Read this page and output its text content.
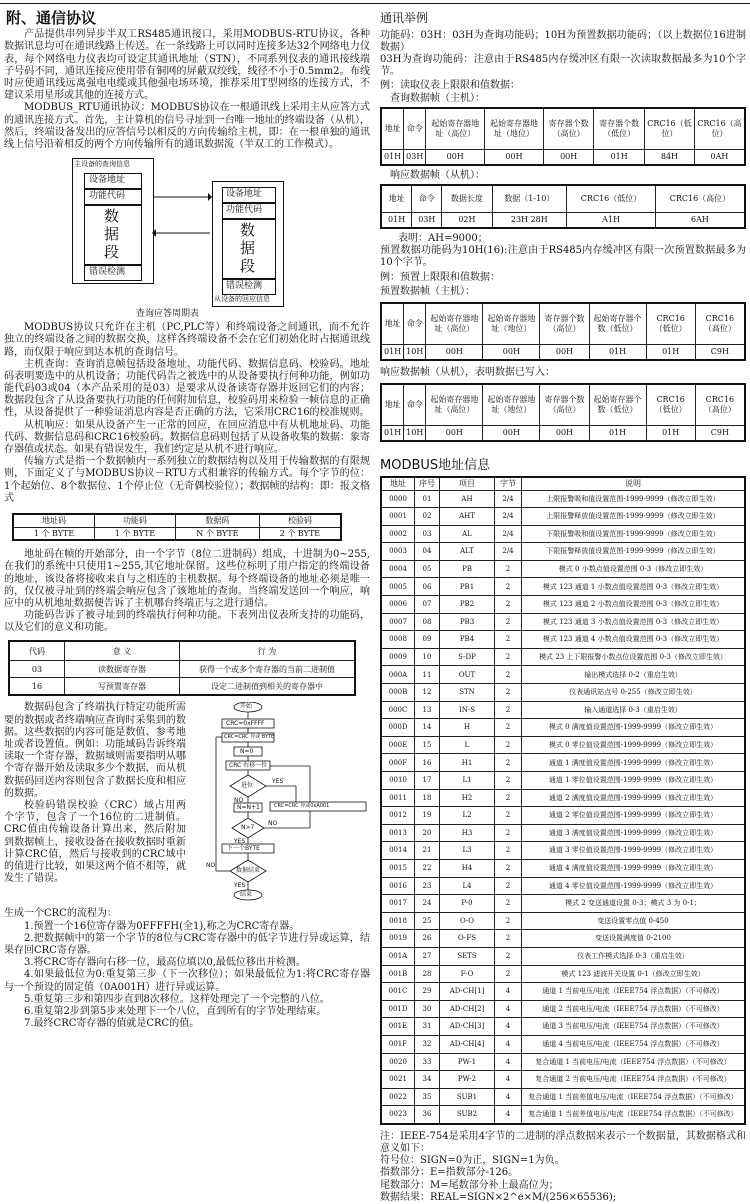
附、通信协议

产品提供串列异步半双工RS485通讯接口，采用MODBUS-RTU协议，各种数据讯息均可在通讯线路上传送。在一条线路上可以同时连接多达32个网络电力仪表，每个网络电力仪表均可设定其通讯地址（STN），不同系列仪表的通讯接线端子号码不同，通讯连接应使用带有铜网的屏蔽双绞线，线径不小于0.5mm2。布线时应使通讯线远离强电电缆或其他强电场环境，推荐采用T型网络的连接方式，不建议采用星形或其他的连接方式。

MODBUS_RTU通讯协议：MODBUS协议在一根通讯线上采用主从应答方式的通讯连接方式。首先，主计算机的信号寻址到一台唯一地址的终端设备（从机），然后，终端设备发出的应答信号以相反的方向传输给主机，即：在一根单独的通讯线上信号沿着相反的两个方向传输所有的通讯数据流（半双工的工作模式）。

主设备的查询信息
设备地址
功能代码
数
据
段
错误检测
设备地址
功能代码
数
据
段
错误检测
从设备的回应信息
查询应答周期表

MODBUS协议只允许在主机（PC,PLC等）和终端设备之间通讯，而不允许独立的终端设备之间的数据交换，这样各终端设备不会在它们初始化时占据通讯线路，而仅限于响应到达本机的查询信号。

主机查询：查询消息帧包括设备地址、功能代码、数据信息码、校验码。地址码表明要选中的从机设备；功能代码告之被选中的从设备要执行何种功能，例如功能代码03或04（本产品采用的是03）是要求从设备读寄存器并返回它们的内容；数据段包含了从设备要执行功能的任何附加信息，校验码用来检验一帧信息的正确性，从设备提供了一种验证消息内容是否正确的方法，它采用CRC16的校准规则。

从机响应：如果从设备产生一正常的回应，在回应消息中有从机地址码、功能代码、数据信息码和CRC16校验码。数据信息码则包括了从设备收集的数据：象寄存器值或状态。如果有错误发生，我们约定是从机不进行响应。

传输方式是指一个数据帧内一系列独立的数据结构以及用于传输数据的有限规则，下面定义了与MODBUS协议－RTU方式相兼容的传输方式。每个字节的位：1个起始位、8个数据位、1个停止位（无奇偶校验位）；数据帧的结构：即：报文格式

地址码	功能码	数据码	校验码
1 个 BYTE	1 个 BYTE	N 个 BYTE	2 个 BYTE

地址码在帧的开始部分，由一个字节（8位二进制码）组成，十进制为0~255,在我们的系统中只使用1~255,其它地址保留。这些位标明了用户指定的终端设备的地址，该设备将接收来自与之相连的主机数据。每个终端设备的地址必须是唯一的，仅仅被寻址到的终端会响应包含了该地址的查询。当终端发送回一个响应，响应中的从机地址数据便告诉了主机哪台终端正与之进行通信。

功能码告诉了被寻址到的终端执行何种功能。下表列出仪表所支持的功能码，以及它们的意义和功能。

代码	意 义	行 为
03	读数据寄存器	获得一个或多个寄存器的当前二进制值
16	写预置寄存器	设定二进制值到相关的寄存器中

数据码包含了终端执行特定功能所需要的数据或者终端响应查询时采集到的数据。这些数据的内容可能是数值、参考地址或者设置值。例如：功能域码告诉终端读取一个寄存器，数据域则需要指明从哪个寄存器开始及读取多少个数据，而从机数据码回送内容则包含了数据长度和相应的数据。

校验码错误校验（CRC）域占用两个字节，包含了一个16位的二进制值。CRC值由传输设备计算出来，然后附加到数据帧上，接收设备在接收数据时重新计算CRC值，然后与接收到的CRC域中的值进行比较，如果这两个值不相等，就发生了错误。

开始
CRC=0xFFFF
CRC=CRC 异或 BYTE
N=0
CRC 右移一位
进位
YES
NO
CRC=CRC 异或0xA001
N=N+1
N>7
NO
YES
下一个BYTE
数据结束
NO
YES
结束
生成一个CRC的流程为：

1.预置一个16位寄存器为0FFFFH(全1),称之为CRC寄存器。

2.把数据帧中的第一个字节的8位与CRC寄存器中的低字节进行异或运算，结果存回CRC寄存器。

3.将CRC寄存器向右移一位，最高位填以0,最低位移出并检测。

4.如果最低位为0:重复第三步（下一次移位）；如果最低位为1:将CRC寄存器与一个预设的固定值（0A001H）进行异或运算。

5.重复第三步和第四步直到8次移位。这样处理完了一个完整的八位。

6.重复第2步到第5步来处理下一个八位，直到所有的字节处理结束。

7.最终CRC寄存器的值就是CRC的值。

通讯举例

功能码：03H：03H为查询功能码；10H为预置数据功能码；（以上数据位16进制数据）

03H为查询功能码：注意由于RS485内存缓冲区有限一次读取数据最多为10个字节。

例：读取仪表上限限和值数据：

查询数据帧（主机）：

地址	命令	起始寄存器地址（高位）	起始寄存器地址（地位）	寄存器个数（高位）	寄存器个数（低位）	CRC16（低位）	CRC16（高位）
01H	03H	00H	00H	00H	01H	84H	0AH

响应数据帧（从机）：

地址	命令	数据长度	数据（1-10）	CRC16（低位）	CRC16（高位）
01H	03H	02H	23H 28H	A1H	6AH

表明：AH=9000；

预置数据功能码为10H(16):注意由于RS485内存缓冲区有限一次预置数据最多为10个字节。

例：预置上限限和值数据：

预置数据帧（主机）：

地址	命令	起始寄存器地址（高位）	起始寄存器地址（地位）	寄存器个数（高位）	起始寄存器个数（低位）	CRC16（低位）	CRC16（高位）
01H	10H	00H	00H	00H	01H	01H	C9H

响应数据帧（从机），表明数据已写入：

地址	命令	起始寄存器地址（高位）	起始寄存器地址（地位）	寄存器个数（高位）	起始寄存器个数（低位）	CRC16（低位）	CRC16（高位）
01H	10H	00H	00H	00H	01H	01H	C9H
MODBUS地址信息
地址	序号	项目	字节	说明
0000	01	AH	2/4	上限报警吸和值设置范围-1999-9999（修改立即生效）
0001	02	AHT	2/4	上限报警释放值设置范围-1999-9999（修改立即生效）
0002	03	AL	2/4	下限报警吸和值设置范围-1999-9999（修改立即生效）
0003	04	ALT	2/4	下限报警释放值设置范围-1999-9999（修改立即生效）
0004	05	PB	2	模式 0 小数点值设置范围 0-3（修改立即生效）
0005	06	PB1	2	模式 123 通道 1 小数点值设置范围 0-3（修改立即生效）
0006	07	PB2	2	模式 123 通道 2 小数点值设置范围 0-3（修改立即生效）
0007	08	PB3	2	模式 123 通道 3 小数点值设置范围 0-3（修改立即生效）
0008	09	PB4	2	模式 123 通道 4 小数点值设置范围 0-3（修改立即生效）
0009	10	S-DP	2	模式 23 上下限报警小数点位设置范围 0-3（修改立即生效）
000A	11	OUT	2	输出模式选择 0-2（重启生效）
000B	12	STN	2	仪表通讯站点号 0-255（修改立即生效）
000C	13	IN-S	2	输入通道选择 0-3（重启生效）
000D	14	H	2	模式 0 满度值设置范围-1999-9999（修改立即生效）
000E	15	L	2	模式 0 零位值设置范围-1999-9999（修改立即生效）
000F	16	H1	2	通道 1 满度值设置范围-1999-9999（修改立即生效）
0010	17	L1	2	通道 1 零位值设置范围-1999-9999（修改立即生效）
0011	18	H2	2	通道 2 满度值设置范围-1999-9999（修改立即生效）
0012	19	L2	2	通道 2 零位值设置范围-1999-9999（修改立即生效）
0013	20	H3	2	通道 3 满度值设置范围-1999-9999（修改立即生效）
0014	21	L3	2	通道 3 零位值设置范围-1999-9999（修改立即生效）
0015	22	H4	2	通道 4 满度值设置范围-1999-9999（修改立即生效）
0016	23	L4	2	通道 4 零位值设置范围-1999-9999（修改立即生效）
0017	24	P-0	2	模式 2 变送通道设置 0-3；模式 3 为 0-1；
0018	25	O-O	2	变送设置零点值 0-450
0019	26	O-FS	2	变送设置满度值 0-2100
001A	27	SETS	2	仪表工作模式选择 0-3（重启生效）
001B	28	F-O	2	模式 123 滤波开关设置 0-1（修改立即生效）
001C	29	AD-CH[1]	4	通道 1 当前电压/电流（IEEE754 浮点数据）（不可修改）
001D	30	AD-CH[2]	4	通道 2 当前电压/电流（IEEE754 浮点数据）（不可修改）
001E	31	AD-CH[3]	4	通道 3 当前电压/电流（IEEE754 浮点数据）（不可修改）
001F	32	AD-CH[4]	4	通道 4 当前电压/电流（IEEE754 浮点数据）（不可修改）
0020	33	PW-1	4	复合通道 1 当前电压/电流（IEEE754 浮点数据）（不可修改）
0021	34	PW-2	4	复合通道 2 当前电压/电流（IEEE754 浮点数据）（不可修改）
0022	35	SUB1	4	复合通道 1 当前差值电压/电流（IEEE754 浮点数据）（不可修改）
0023	36	SUB2	4	复合通道 1 当前差值电压/电流（IEEE754 浮点数据）（不可修改）

注：IEEE-754是采用4字节的二进制的浮点数据来表示一个数据量，其数据格式和意义如下：

符号位：SIGN=0为正，SIGN=1为负。

指数部分：E=指数部分-126。

尾数部分：M=尾数部分补上最高位为；

数据结果：REAL=SIGN×2^e×M/(256×65536);
